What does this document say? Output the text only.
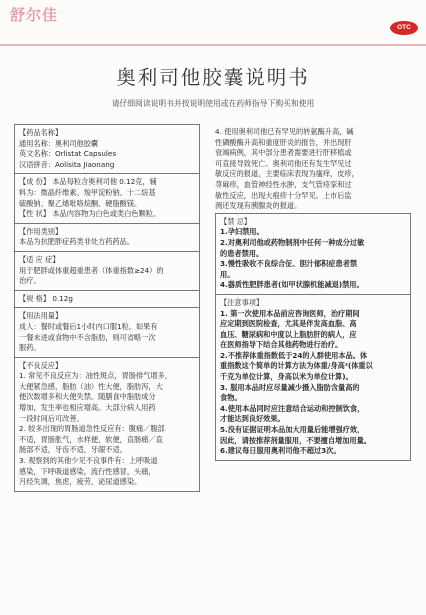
舒尔佳
OTC
奥利司他胶囊说明书
请仔细阅读说明书并按说明使用或在药师指导下购买和使用
【药品名称】
通用名称：奥利司他胶囊
英文名称：Orlistat Capsules
汉语拼音：Aolisita Jiaonang
【成 份】 本品每粒含奥利司他 0.12克，辅
料为：微晶纤维素、羧甲淀粉钠、十二烷基
硫酸钠、聚乙烯吡咯烷酮、硬脂酸镁。
【性 状】 本品内容物为白色或类白色颗粒。
【作用类别】
本品为抗肥胖症药类非处方药药品。
【适 应 症】
用于肥胖或体重超重患者（体重指数≥24）的
治疗。
【规 格】 0.12g
【用法用量】
成人：餐时或餐后1小时内口服1粒。如果有
一餐未进或食物中不含脂肪，则可省略一次
服药。
【不良反应】
1. 常见不良反应为：油性斑点，胃肠排气增多，
大便紧急感，脂肪（油）性大便，脂肪泻，大
便次数增多和大便失禁。随膳食中脂肪成分
增加，发生率也相应增高。大部分病人用药
一段时间后可改善。
2. 较多出现的胃肠道急性反应有：腹痛／腹部
不适，胃肠胀气，水样便，软便，直肠痛／直
肠部不适，牙齿不适，牙龈不适。
3. 观察到的其他少见不良事件有：上呼吸道
感染，下呼吸道感染，流行性感冒，头痛，
月经失调，焦虑，疲劳，泌尿道感染。
4. 使用奥利司他已有罕见的转氨酶升高，碱
性磷酸酶升高和重度肝炎的报告，并出现肝
衰竭病例，其中部分患者需要进行肝移植或
可直接导致死亡。奥利司他还有发生罕见过
敏反应的报道，主要临床表现为瘙痒，皮疹，
荨麻疹，血管神经性水肿，支气管痉挛和过
敏性反应，出现大疱疹十分罕见。上市后监
测还发现有胰腺炎的报道。
【禁 忌】
1.孕妇禁用。
2.对奥利司他或药物制剂中任何一种成分过敏
的患者禁用。
3.慢性吸收不良综合征、胆汁郁积症患者禁
用。
4.器质性肥胖患者(如甲状腺机能减退)禁用。
【注意事项】
1. 第一次使用本品前应咨询医师，治疗期间
应定期到医院检查，尤其是伴发高血脂、高
血压、糖尿病和中度以上脂肪肝的病人，应
在医师指导下结合其他药物进行治疗。
2.不推荐体重指数低于24的人群使用本品。体
重指数这个简单的计算方法为体重/身高²(体重以
千克为单位计算，身高以米为单位计算)。
3. 服用本品时应尽量减少摄入脂肪含量高的
食物。
4.使用本品同时应注意结合运动和控制饮食，
才能达到良好效果。
5.没有证据证明本品加大用量后能增强疗效，
因此，请按推荐剂量服用，不要擅自增加用量。
6.建议每日服用奥利司他不超过3次。
